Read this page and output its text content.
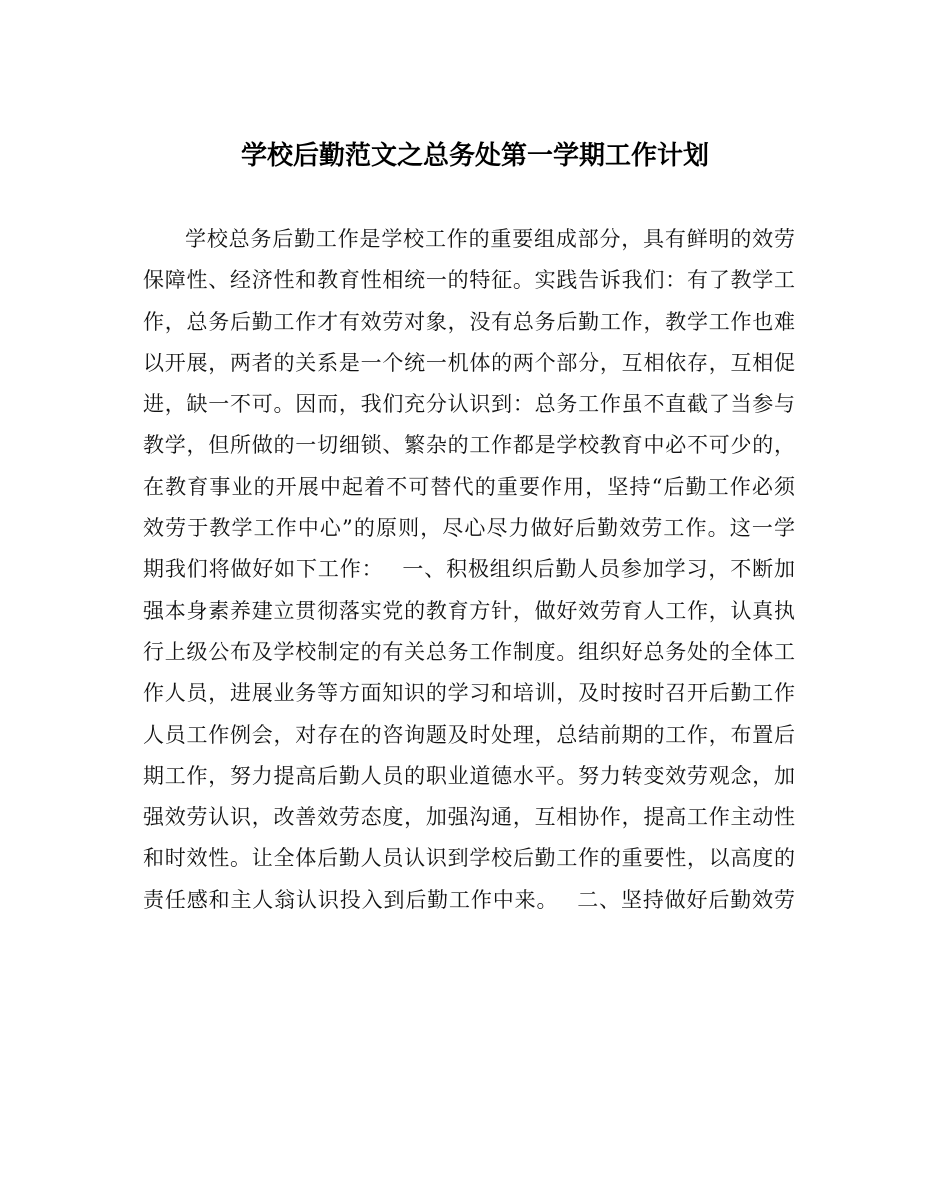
学校后勤范文之总务处第一学期工作计划
学校总务后勤工作是学校工作的重要组成部分，具有鲜明的效劳
保障性、经济性和教育性相统一的特征。实践告诉我们：有了教学工
作，总务后勤工作才有效劳对象，没有总务后勤工作，教学工作也难
以开展，两者的关系是一个统一机体的两个部分，互相依存，互相促
进，缺一不可。因而，我们充分认识到：总务工作虽不直截了当参与
教学，但所做的一切细锁、繁杂的工作都是学校教育中必不可少的，
在教育事业的开展中起着不可替代的重要作用，坚持“后勤工作必须
效劳于教学工作中心”的原则，尽心尽力做好后勤效劳工作。这一学
期我们将做好如下工作：　 一、积极组织后勤人员参加学习，不断加
强本身素养建立贯彻落实党的教育方针，做好效劳育人工作，认真执
行上级公布及学校制定的有关总务工作制度。组织好总务处的全体工
作人员，进展业务等方面知识的学习和培训，及时按时召开后勤工作
人员工作例会，对存在的咨询题及时处理，总结前期的工作，布置后
期工作，努力提高后勤人员的职业道德水平。努力转变效劳观念，加
强效劳认识，改善效劳态度，加强沟通，互相协作，提高工作主动性
和时效性。让全体后勤人员认识到学校后勤工作的重要性，以高度的
责任感和主人翁认识投入到后勤工作中来。　 二、坚持做好后勤效劳
